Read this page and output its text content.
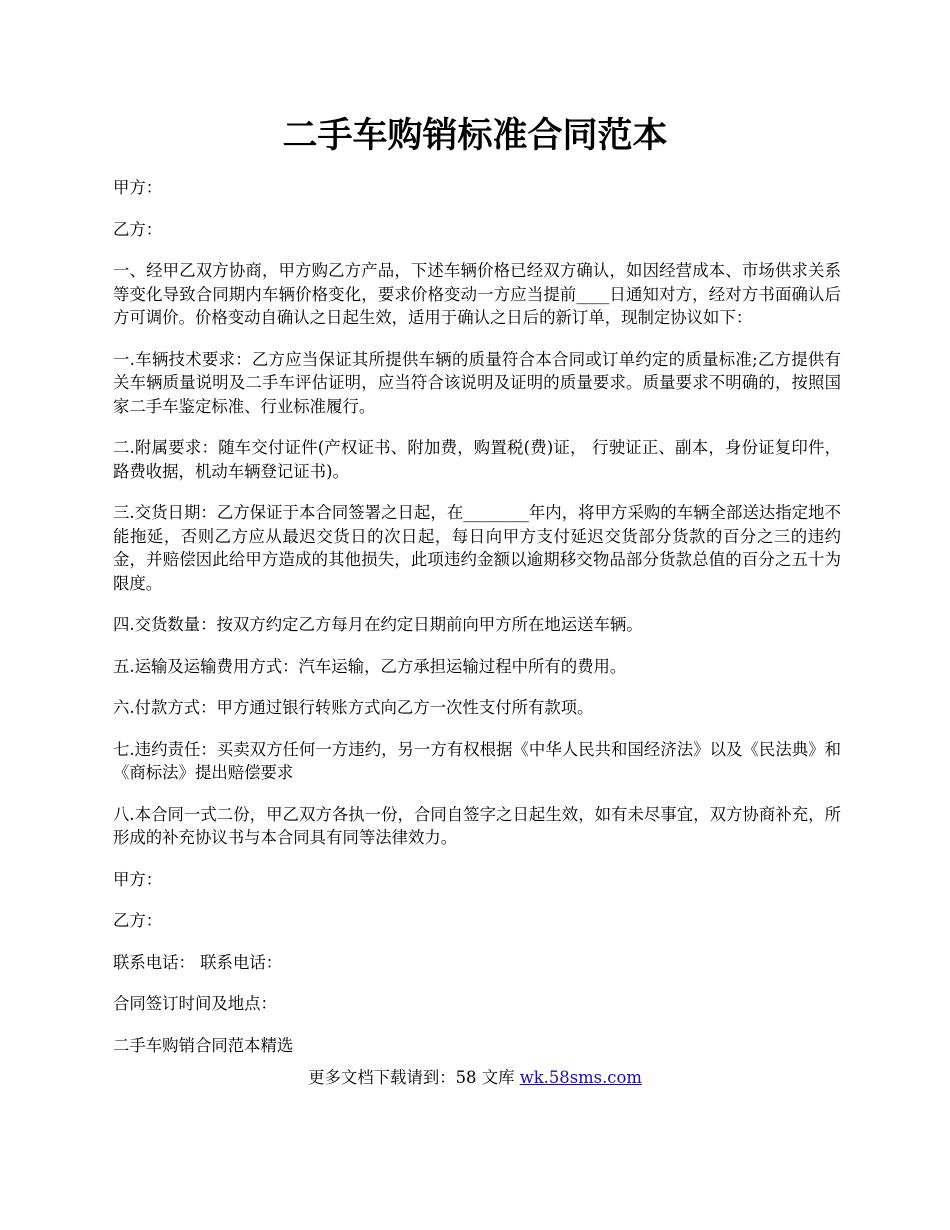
二手车购销标准合同范本

甲方：

乙方：

一、经甲乙双方协商，甲方购乙方产品，下述车辆价格已经双方确认，如因经营成本、市场供求关系等变化导致合同期内车辆价格变化，要求价格变动一方应当提前____日通知对方，经对方书面确认后方可调价。价格变动自确认之日起生效，适用于确认之日后的新订单，现制定协议如下：

一.车辆技术要求：乙方应当保证其所提供车辆的质量符合本合同或订单约定的质量标准;乙方提供有关车辆质量说明及二手车评估证明，应当符合该说明及证明的质量要求。质量要求不明确的，按照国家二手车鉴定标准、行业标准履行。

二.附属要求：随车交付证件(产权证书、附加费，购置税(费)证， 行驶证正、副本，身份证复印件，路费收据，机动车辆登记证书)。

三.交货日期：乙方保证于本合同签署之日起，在________年内，将甲方采购的车辆全部送达指定地不能拖延，否则乙方应从最迟交货日的次日起，每日向甲方支付延迟交货部分货款的百分之三的违约金，并赔偿因此给甲方造成的其他损失，此项违约金额以逾期移交物品部分货款总值的百分之五十为限度。

四.交货数量：按双方约定乙方每月在约定日期前向甲方所在地运送车辆。

五.运输及运输费用方式：汽车运输，乙方承担运输过程中所有的费用。

六.付款方式：甲方通过银行转账方式向乙方一次性支付所有款项。

七.违约责任：买卖双方任何一方违约，另一方有权根据《中华人民共和国经济法》以及《民法典》和《商标法》提出赔偿要求

八.本合同一式二份，甲乙双方各执一份，合同自签字之日起生效，如有未尽事宜，双方协商补充，所形成的补充协议书与本合同具有同等法律效力。

甲方：

乙方：

联系电话： 联系电话：

合同签订时间及地点：

二手车购销合同范本精选

更多文档下载请到：58 文库 wk.58sms.com
